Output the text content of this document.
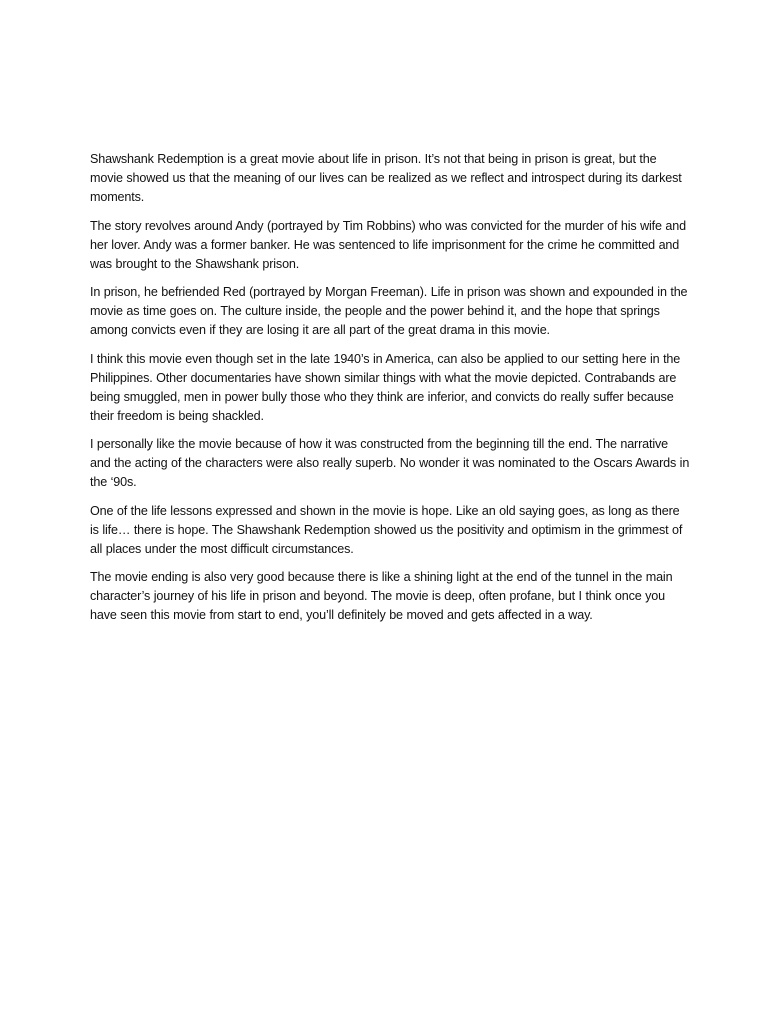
Shawshank Redemption is a great movie about life in prison. It’s not that being in prison is great, but the movie showed us that the meaning of our lives can be realized as we reflect and introspect during its darkest moments.

The story revolves around Andy (portrayed by Tim Robbins) who was convicted for the murder of his wife and her lover. Andy was a former banker. He was sentenced to life imprisonment for the crime he committed and was brought to the Shawshank prison.

In prison, he befriended Red (portrayed by Morgan Freeman). Life in prison was shown and expounded in the movie as time goes on. The culture inside, the people and the power behind it, and the hope that springs among convicts even if they are losing it are all part of the great drama in this movie.

I think this movie even though set in the late 1940’s in America, can also be applied to our setting here in the Philippines. Other documentaries have shown similar things with what the movie depicted. Contrabands are being smuggled, men in power bully those who they think are inferior, and convicts do really suffer because their freedom is being shackled.

I personally like the movie because of how it was constructed from the beginning till the end. The narrative and the acting of the characters were also really superb. No wonder it was nominated to the Oscars Awards in the ‘90s.

One of the life lessons expressed and shown in the movie is hope. Like an old saying goes, as long as there is life… there is hope. The Shawshank Redemption showed us the positivity and optimism in the grimmest of all places under the most difficult circumstances.

The movie ending is also very good because there is like a shining light at the end of the tunnel in the main character’s journey of his life in prison and beyond. The movie is deep, often profane, but I think once you have seen this movie from start to end, you’ll definitely be moved and gets affected in a way.
